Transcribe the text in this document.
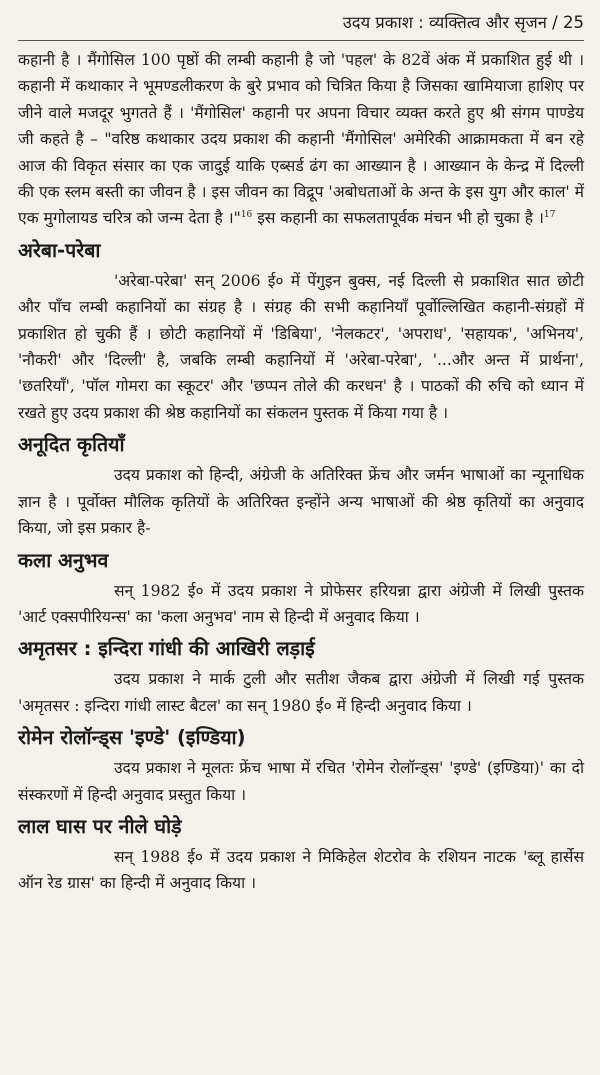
उदय प्रकाश : व्यक्तित्व और सृजन / 25

कहानी है । मैंगोसिल 100 पृष्ठों की लम्बी कहानी है जो 'पहल' के 82वें अंक में प्रकाशित हुई थी । कहानी में कथाकार ने भूमण्डलीकरण के बुरे प्रभाव को चित्रित किया है जिसका खामियाजा हाशिए पर जीने वाले मजदूर भुगतते हैं । 'मैंगोसिल' कहानी पर अपना विचार व्यक्त करते हुए श्री संगम पाण्डेय जी कहते है – "वरिष्ठ कथाकार उदय प्रकाश की कहानी 'मैंगोसिल' अमेरिकी आक्रामकता में बन रहे आज की विकृत संसार का एक जादुई याकि एब्सर्ड ढंग का आख्यान है । आख्यान के केन्द्र में दिल्ली की एक स्लम बस्ती का जीवन है । इस जीवन का विद्रूप 'अबोधताओं के अन्त के इस युग और काल' में एक मुगोलायड चरित्र को जन्म देता है ।"$^{16}$ इस कहानी का सफलतापूर्वक मंचन भी हो चुका है ।$^{17}$

अरेबा-परेबा

'अरेबा-परेबा' सन् 2006 ई० में पेंगुइन बुक्स, नई दिल्ली से प्रकाशित सात छोटी और पाँच लम्बी कहानियों का संग्रह है । संग्रह की सभी कहानियाँ पूर्वोल्लिखित कहानी-संग्रहों में प्रकाशित हो चुकी हैं । छोटी कहानियों में 'डिबिया', 'नेलकटर', 'अपराध', 'सहायक', 'अभिनय', 'नौकरी' और 'दिल्ली' है, जबकि लम्बी कहानियों में 'अरेबा-परेबा', '...और अन्त में प्रार्थना', 'छतरियाँ', 'पॉल गोमरा का स्कूटर' और 'छप्पन तोले की करधन' है । पाठकों की रुचि को ध्यान में रखते हुए उदय प्रकाश की श्रेष्ठ कहानियों का संकलन पुस्तक में किया गया है ।

अनूदित कृतियाँ

उदय प्रकाश को हिन्दी, अंग्रेजी के अतिरिक्त फ्रेंच और जर्मन भाषाओं का न्यूनाधिक ज्ञान है । पूर्वोक्त मौलिक कृतियों के अतिरिक्त इन्होंने अन्य भाषाओं की श्रेष्ठ कृतियों का अनुवाद किया, जो इस प्रकार है-

कला अनुभव

सन् 1982 ई० में उदय प्रकाश ने प्रोफेसर हरियन्ना द्वारा अंग्रेजी में लिखी पुस्तक 'आर्ट एक्सपीरियन्स' का 'कला अनुभव' नाम से हिन्दी में अनुवाद किया ।

अमृतसर : इन्दिरा गांधी की आखिरी लड़ाई

उदय प्रकाश ने मार्क टुली और सतीश जैकब द्वारा अंग्रेजी में लिखी गई पुस्तक 'अमृतसर : इन्दिरा गांधी लास्ट बैटल' का सन् 1980 ई० में हिन्दी अनुवाद किया ।

रोमेन रोलॉन्ड्स 'इण्डे' (इण्डिया)

उदय प्रकाश ने मूलतः फ्रेंच भाषा में रचित 'रोमेन रोलॉन्ड्स' 'इण्डे' (इण्डिया)' का दो संस्करणों में हिन्दी अनुवाद प्रस्तुत किया ।

लाल घास पर नीले घोड़े

सन् 1988 ई० में उदय प्रकाश ने मिकिहेल शेटरोव के रशियन नाटक 'ब्लू हार्सेस ऑन रेड ग्रास' का हिन्दी में अनुवाद किया ।
